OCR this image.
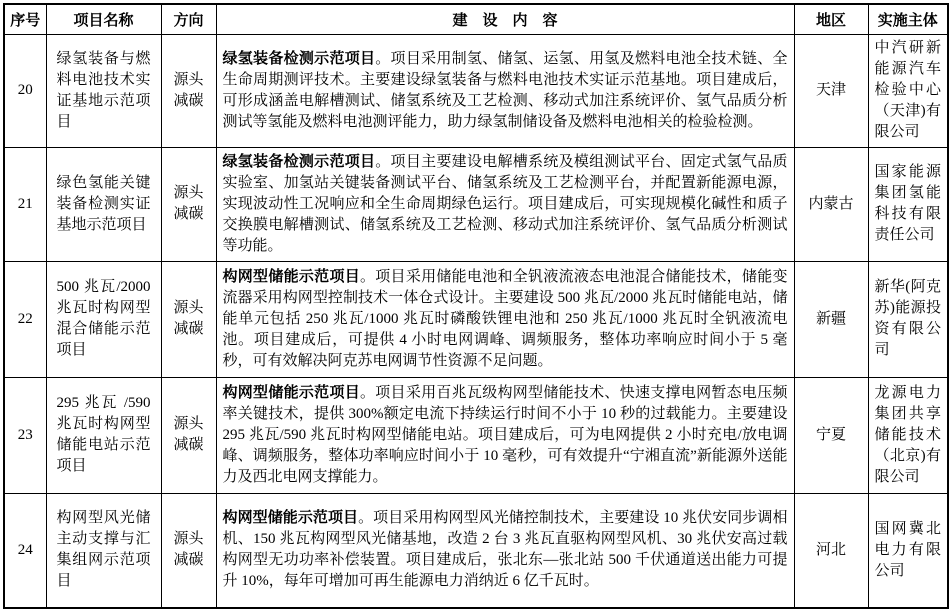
序号	项目名称	方向	建　设　内　容	地区	实施主体
20	绿氢装备与燃料电池技术实证基地示范项目	源头减碳	绿氢装备检测示范项目。项目采用制氢、储氢、运氢、用氢及燃料电池全技术链、全生命周期测评技术。主要建设绿氢装备与燃料电池技术实证示范基地。项目建成后，可形成涵盖电解槽测试、储氢系统及工艺检测、移动式加注系统评价、氢气品质分析测试等氢能及燃料电池测评能力，助力绿氢制储设备及燃料电池相关的检验检测。	天津	中汽研新能源汽车检验中心（天津)有限公司
21	绿色氢能关键装备检测实证基地示范项目	源头减碳	绿氢装备检测示范项目。项目主要建设电解槽系统及模组测试平台、固定式氢气品质实验室、加氢站关键装备测试平台、储氢系统及工艺检测平台，并配置新能源电源，实现波动性工况响应和全生命周期绿色运行。项目建成后，可实现规模化碱性和质子交换膜电解槽测试、储氢系统及工艺检测、移动式加注系统评价、氢气品质分析测试等功能。	内蒙古	国家能源集团氢能科技有限责任公司
22	500 兆瓦/2000 兆瓦时构网型混合储能示范项目	源头减碳	构网型储能示范项目。项目采用储能电池和全钒液流液态电池混合储能技术，储能变流器采用构网型控制技术一体仓式设计。主要建设 500 兆瓦/2000 兆瓦时储能电站，储能单元包括 250 兆瓦/1000 兆瓦时磷酸铁锂电池和 250 兆瓦/1000 兆瓦时全钒液流电池。项目建成后，可提供 4 小时电网调峰、调频服务，整体功率响应时间小于 5 毫秒，可有效解决阿克苏电网调节性资源不足问题。	新疆	新华(阿克苏)能源投资有限公司
23	295 兆瓦 /590 兆瓦时构网型储能电站示范项目	源头减碳	构网型储能示范项目。项目采用百兆瓦级构网型储能技术、快速支撑电网暂态电压频率关键技术，提供 300%额定电流下持续运行时间不小于 10 秒的过载能力。主要建设 295 兆瓦/590 兆瓦时构网型储能电站。项目建成后，可为电网提供 2 小时充电/放电调峰、调频服务，整体功率响应时间小于 10 毫秒，可有效提升“宁湘直流”新能源外送能力及西北电网支撑能力。	宁夏	龙源电力集团共享储能技术（北京)有限公司
24	构网型风光储主动支撑与汇集组网示范项目	源头减碳	构网型储能示范项目。项目采用构网型风光储控制技术，主要建设 10 兆伏安同步调相机、150 兆瓦构网型风光储基地，改造 2 台 3 兆瓦直驱构网型风机、30 兆伏安高过载构网型无功功率补偿装置。项目建成后，张北东—张北站 500 千伏通道送出能力可提升 10%，每年可增加可再生能源电力消纳近 6 亿千瓦时。	河北	国网冀北电力有限公司
